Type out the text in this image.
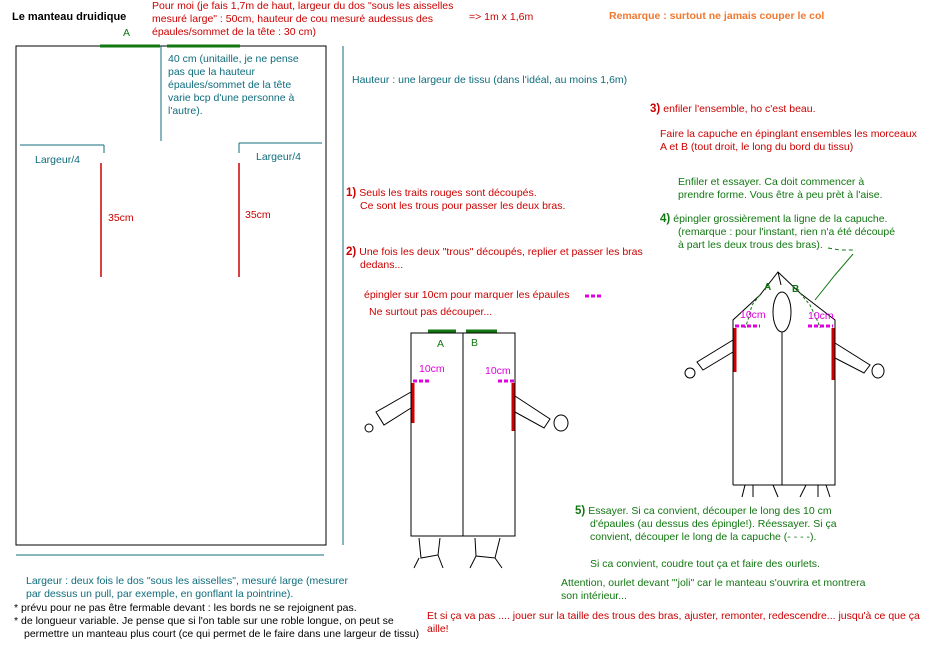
Le manteau druidique
Pour moi (je fais 1,7m de haut, largeur du dos "sous les aisselles
mesuré large" : 50cm, hauteur de cou mesuré audessus des
épaules/sommet de la tête : 30 cm)
=> 1m x 1,6m	Remarque : surtout ne jamais couper le col
A
40 cm (unitaille, je ne pense
pas que la hauteur
épaules/sommet de la tête
varie bcp d'une personne à
l'autre).
Largeur/4	Largeur/4
35cm	35cm
Hauteur : une largeur de tissu (dans l'idéal, au moins 1,6m)
Largeur : deux fois le dos "sous les aisselles", mesuré large (mesurer
par dessus un pull, par exemple, en gonflant la pointrine).
* prévu pour ne pas être fermable devant : les bords ne se rejoignent pas.
* de longueur variable. Je pense que si l'on table sur une roble longue, on peut se
permettre un manteau plus court (ce qui permet de le faire dans une largeur de tissu)
1) Seuls les traits rouges sont découpés.
Ce sont les trous pour passer les deux bras.
2) Une fois les deux "trous" découpés, replier et passer les bras
dedans...
épingler sur 10cm pour marquer les épaules
Ne surtout pas découper...
3) enfiler l'ensemble, ho c'est beau.
Faire la capuche en épinglant ensembles les morceaux
A et B (tout droit, le long du bord du tissu)
Enfiler et essayer. Ca doit commencer à
prendre forme. Vous être à peu prèt à l'aise.
4) épingler grossièrement la ligne de la capuche.
(remarque : pour l'instant, rien n'a été découpé
à part les deux trous des bras).
5) Essayer. Si ca convient, découper le long des 10 cm
d'épaules (au dessus des épingle!). Réessayer. Si ça
convient, découper le long de la capuche (- - - -).
Si ca convient, coudre tout ça et faire des ourlets.
Attention, ourlet devant "'joli" car le manteau s'ouvrira et montrera
son intérieur...
Et si ça va pas .... jouer sur la taille des trous des bras, ajuster, remonter, redescendre... jusqu'à ce que ça
aille!
A	B
10cm	10cm
A B
10cm	10cm
